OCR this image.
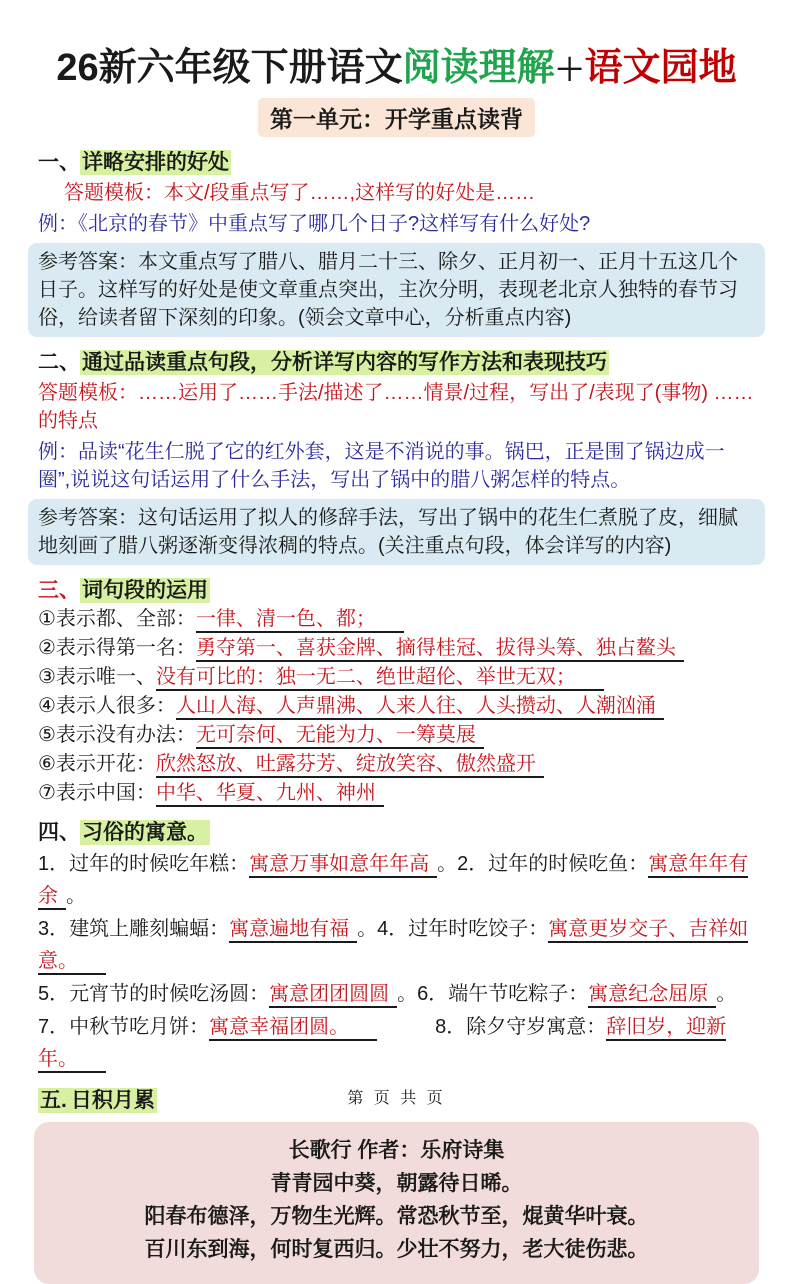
26新六年级下册语文阅读理解＋语文园地
第一单元：开学重点读背
一、详略安排的好处
答题模板：本文/段重点写了……,这样写的好处是……
例：《北京的春节》中重点写了哪几个日子?这样写有什么好处?
参考答案：本文重点写了腊八、腊月二十三、除夕、正月初一、正月十五这几个日子。这样写的好处是使文章重点突出，主次分明，表现老北京人独特的春节习俗，给读者留下深刻的印象。(领会文章中心，分析重点内容)
二、通过品读重点句段，分析详写内容的写作方法和表现技巧
答题模板：……运用了……手法/描述了……情景/过程，写出了/表现了(事物) ……的特点
例：品读“花生仁脱了它的红外套，这是不消说的事。锅巴，正是围了锅边成一圈”,说说这句话运用了什么手法，写出了锅中的腊八粥怎样的特点。
参考答案：这句话运用了拟人的修辞手法，写出了锅中的花生仁煮脱了皮，细腻地刻画了腊八粥逐渐变得浓稠的特点。(关注重点句段，体会详写的内容)
三、词句段的运用
①表示都、全部：一律、清一色、都；
②表示得第一名：勇夺第一、喜获金牌、摘得桂冠、拔得头筹、独占鳌头
③表示唯一、没有可比的：独一无二、绝世超伦、举世无双；
④表示人很多：人山人海、人声鼎沸、人来人往、人头攒动、人潮汹涌
⑤表示没有办法：无可奈何、无能为力、一筹莫展
⑥表示开花：欣然怒放、吐露芬芳、绽放笑容、傲然盛开
⑦表示中国：中华、华夏、九州、神州
四、习俗的寓意。
1．过年的时候吃年糕：寓意万事如意年年高 。2．过年的时候吃鱼：寓意年年有余 。
3．建筑上雕刻蝙蝠：寓意遍地有福 。4．过年时吃饺子：寓意更岁交子、吉祥如意。
5．元宵节的时候吃汤圆：寓意团团圆圆 。6．端午节吃粽子：寓意纪念屈原 。
7．中秋节吃月饼：寓意幸福团圆。	8．除夕守岁寓意：辞旧岁，迎新年。
五. 日积月累
长歌行 作者：乐府诗集
青青园中葵，朝露待日晞。
阳春布德泽，万物生光辉。常恐秋节至，焜黄华叶衰。
百川东到海，何时复西归。少壮不努力，老大徒伤悲。
第 页 共 页
